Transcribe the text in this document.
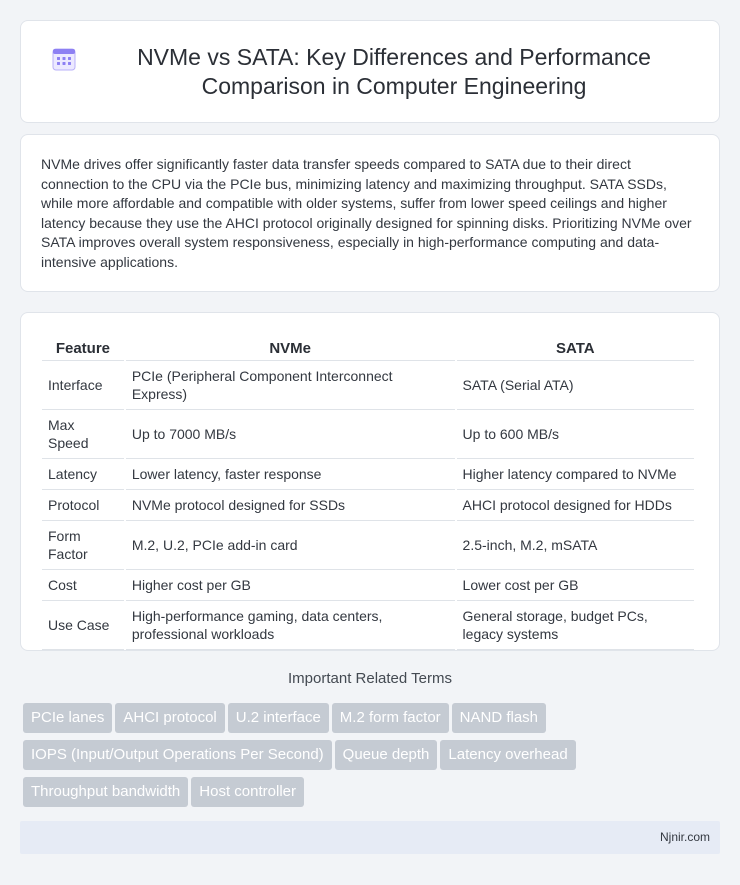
NVMe vs SATA: Key Differences and Performance Comparison in Computer Engineering

NVMe drives offer significantly faster data transfer speeds compared to SATA due to their direct connection to the CPU via the PCIe bus, minimizing latency and maximizing throughput. SATA SSDs, while more affordable and compatible with older systems, suffer from lower speed ceilings and higher latency because they use the AHCI protocol originally designed for spinning disks. Prioritizing NVMe over SATA improves overall system responsiveness, especially in high-performance computing and data-intensive applications.

Feature	NVMe	SATA
Interface	PCIe (Peripheral Component Interconnect Express)	SATA (Serial ATA)
Max Speed	Up to 7000 MB/s	Up to 600 MB/s
Latency	Lower latency, faster response	Higher latency compared to NVMe
Protocol	NVMe protocol designed for SSDs	AHCI protocol designed for HDDs
Form Factor	M.2, U.2, PCIe add-in card	2.5-inch, M.2, mSATA
Cost	Higher cost per GB	Lower cost per GB
Use Case	High-performance gaming, data centers, professional workloads	General storage, budget PCs, legacy systems
Important Related Terms
PCIe lanes AHCI protocol U.2 interface M.2 form factor NAND flash
IOPS (Input/Output Operations Per Second) Queue depth Latency overhead
Throughput bandwidth Host controller
Njnir.com
